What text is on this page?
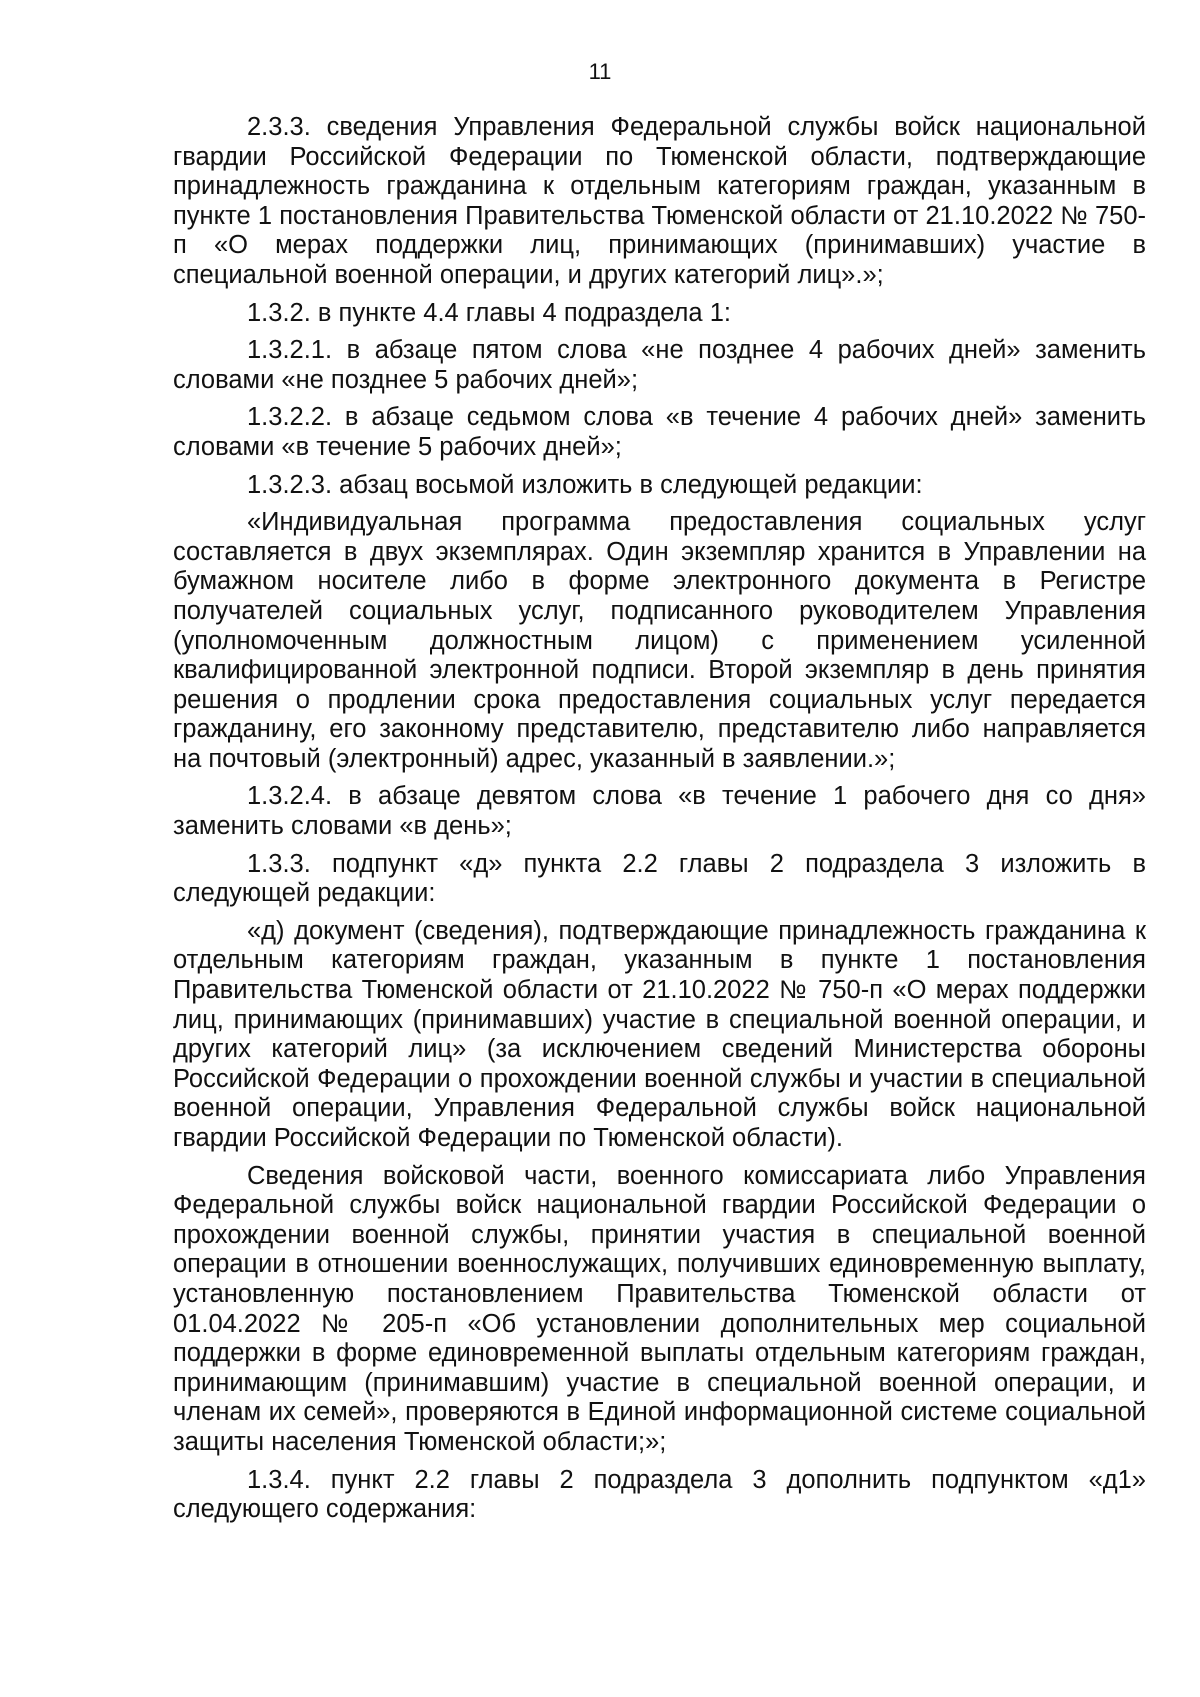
11

2.3.3. сведения Управления Федеральной службы войск национальной гвардии Российской Федерации по Тюменской области, подтверждающие принадлежность гражданина к отдельным категориям граждан, указанным в пункте 1 постановления Правительства Тюменской области от 21.10.2022 № 750-п «О мерах поддержки лиц, принимающих (принимавших) участие в специальной военной операции, и других категорий лиц».»;

1.3.2. в пункте 4.4 главы 4 подраздела 1:

1.3.2.1. в абзаце пятом слова «не позднее 4 рабочих дней» заменить словами «не позднее 5 рабочих дней»;

1.3.2.2. в абзаце седьмом слова «в течение 4 рабочих дней» заменить словами «в течение 5 рабочих дней»;

1.3.2.3. абзац восьмой изложить в следующей редакции:

«Индивидуальная программа предоставления социальных услуг составляется в двух экземплярах. Один экземпляр хранится в Управлении на бумажном носителе либо в форме электронного документа в Регистре получателей социальных услуг, подписанного руководителем Управления (уполномоченным должностным лицом) с применением усиленной квалифицированной электронной подписи. Второй экземпляр в день принятия решения о продлении срока предоставления социальных услуг передается гражданину, его законному представителю, представителю либо направляется на почтовый (электронный) адрес, указанный в заявлении.»;

1.3.2.4. в абзаце девятом слова «в течение 1 рабочего дня со дня» заменить словами «в день»;

1.3.3. подпункт «д» пункта 2.2 главы 2 подраздела 3 изложить в следующей редакции:

«д) документ (сведения), подтверждающие принадлежность гражданина к отдельным категориям граждан, указанным в пункте 1 постановления Правительства Тюменской области от 21.10.2022 № 750-п «О мерах поддержки лиц, принимающих (принимавших) участие в специальной военной операции, и других категорий лиц» (за исключением сведений Министерства обороны Российской Федерации о прохождении военной службы и участии в специальной военной операции, Управления Федеральной службы войск национальной гвардии Российской Федерации по Тюменской области).

Сведения войсковой части, военного комиссариата либо Управления Федеральной службы войск национальной гвардии Российской Федерации о прохождении военной службы, принятии участия в специальной военной операции в отношении военнослужащих, получивших единовременную выплату, установленную постановлением Правительства Тюменской области от 01.04.2022 № 205-п «Об установлении дополнительных мер социальной поддержки в форме единовременной выплаты отдельным категориям граждан, принимающим (принимавшим) участие в специальной военной операции, и членам их семей», проверяются в Единой информационной системе социальной защиты населения Тюменской области;»;

1.3.4. пункт 2.2 главы 2 подраздела 3 дополнить подпунктом «д1» следующего содержания:
